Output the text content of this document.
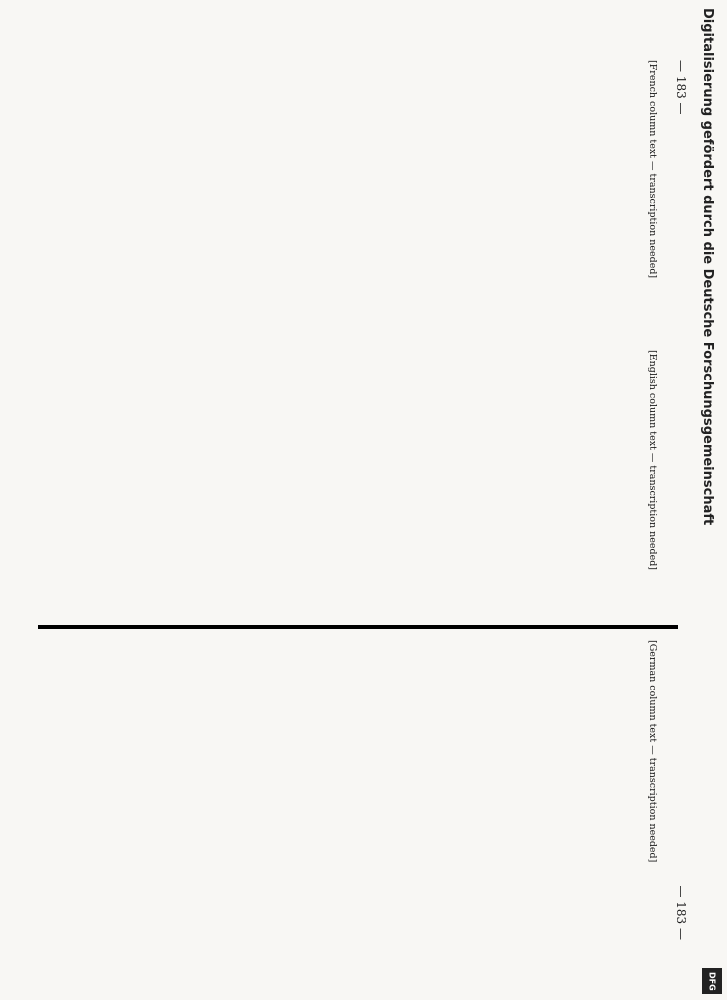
— 183 —
— 183 —
[French column text — transcription needed]
[English column text — transcription needed]
[German column text — transcription needed]
Digitalisierung gefördert durch die Deutsche Forschungsgemeinschaft
DFG
